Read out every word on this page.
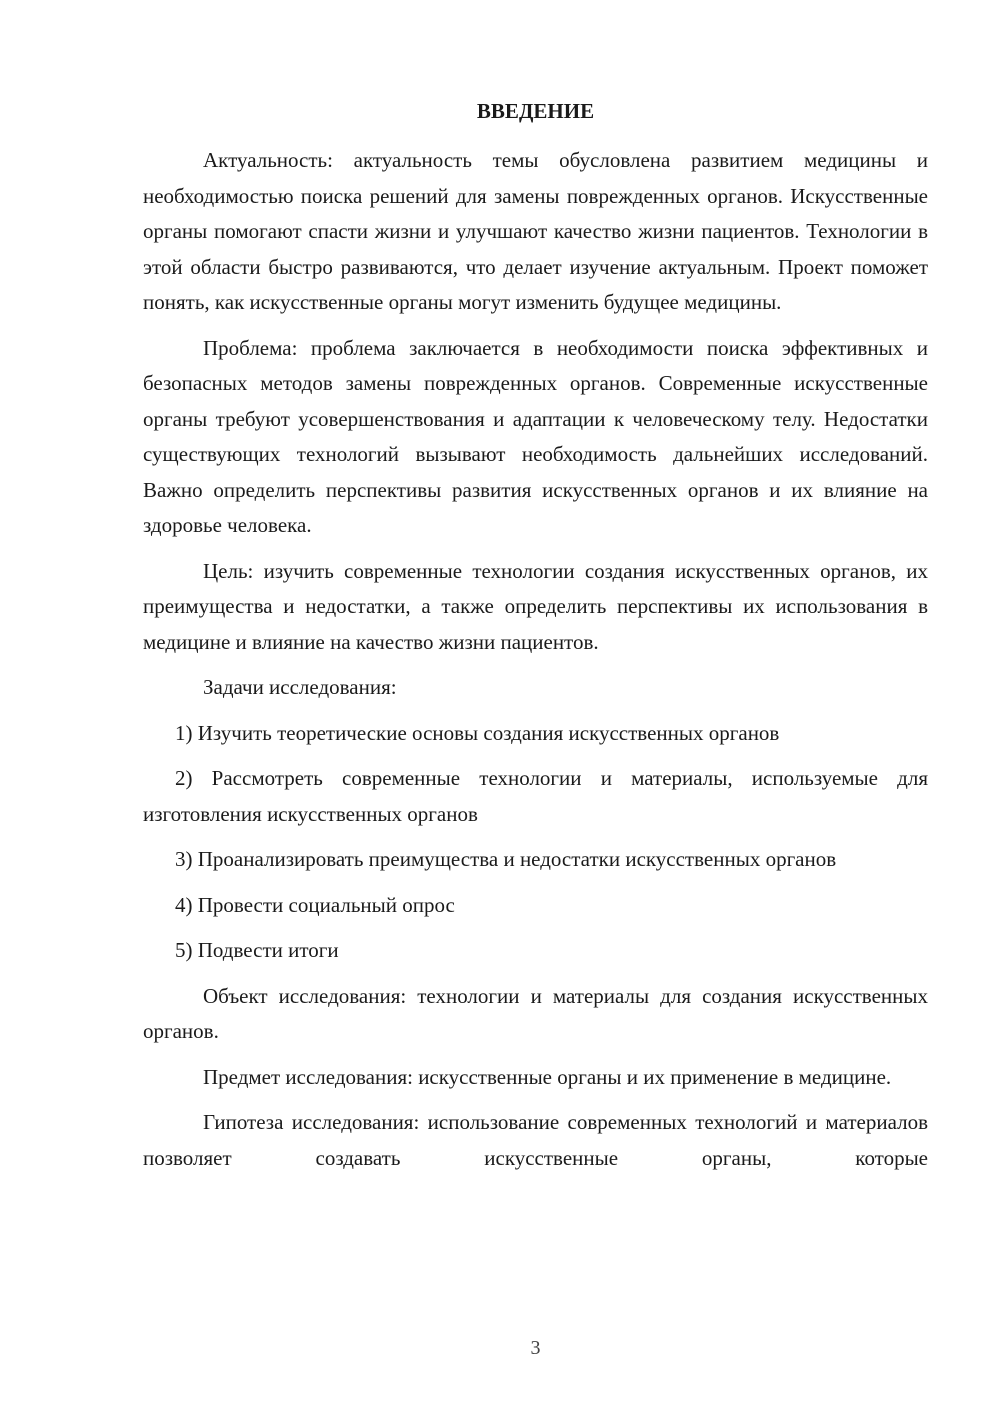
ВВЕДЕНИЕ

Актуальность: актуальность темы обусловлена развитием медицины и необходимостью поиска решений для замены поврежденных органов. Искусственные органы помогают спасти жизни и улучшают качество жизни пациентов. Технологии в этой области быстро развиваются, что делает изучение актуальным. Проект поможет понять, как искусственные органы могут изменить будущее медицины.

Проблема: проблема заключается в необходимости поиска эффективных и безопасных методов замены поврежденных органов. Современные искусственные органы требуют усовершенствования и адаптации к человеческому телу. Недостатки существующих технологий вызывают необходимость дальнейших исследований. Важно определить перспективы развития искусственных органов и их влияние на здоровье человека.

Цель: изучить современные технологии создания искусственных органов, их преимущества и недостатки, а также определить перспективы их использования в медицине и влияние на качество жизни пациентов.

Задачи исследования:

1) Изучить теоретические основы создания искусственных органов

2) Рассмотреть современные технологии и материалы, используемые для изготовления искусственных органов

3) Проанализировать преимущества и недостатки искусственных органов

4) Провести социальный опрос

5) Подвести итоги

Объект исследования: технологии и материалы для создания искусственных органов.

Предмет исследования: искусственные органы и их применение в медицине.

Гипотеза исследования: использование современных технологий и материалов позволяет создавать искусственные органы, которые

3
